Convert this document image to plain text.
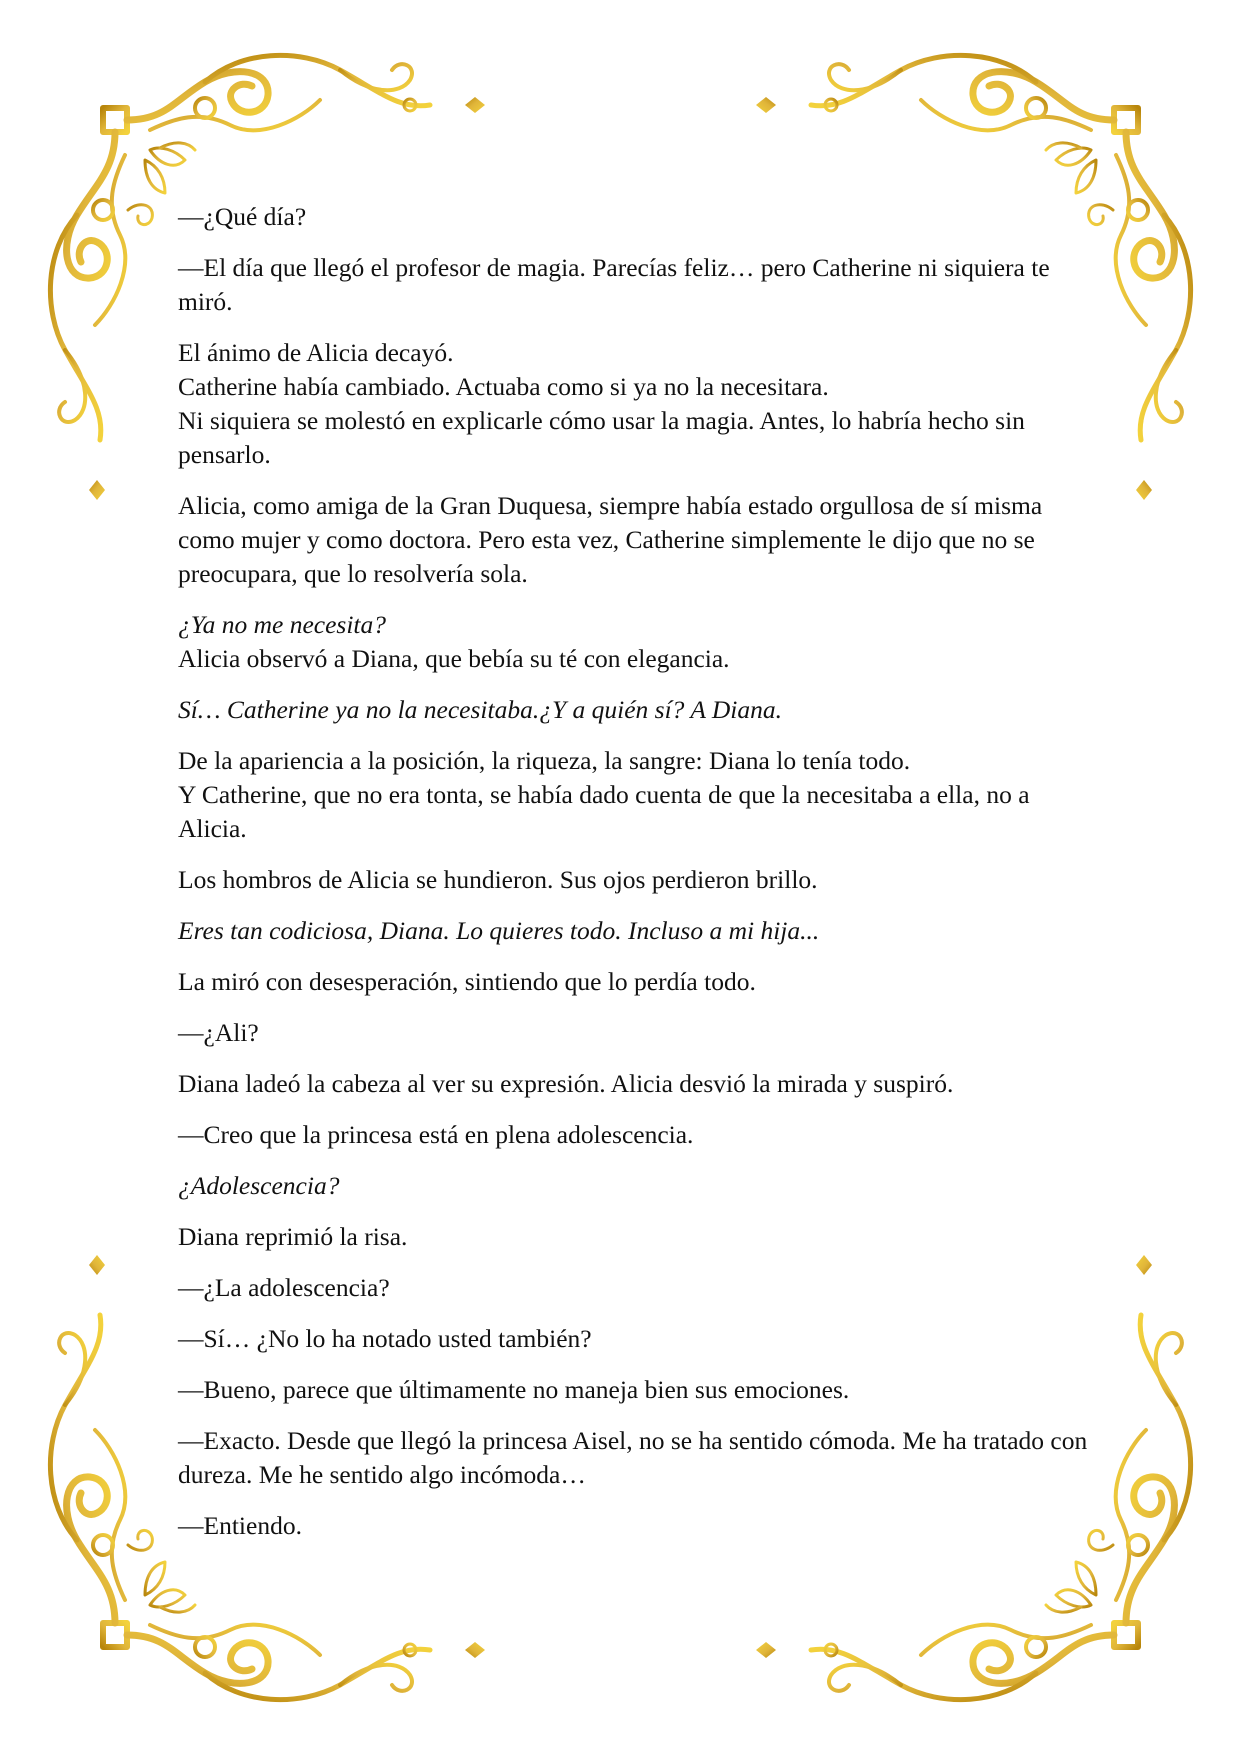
—¿Qué día?

—El día que llegó el profesor de magia. Parecías feliz… pero Catherine ni siquiera te miró.

El ánimo de Alicia decayó.
Catherine había cambiado. Actuaba como si ya no la necesitara.
Ni siquiera se molestó en explicarle cómo usar la magia. Antes, lo habría hecho sin pensarlo.

Alicia, como amiga de la Gran Duquesa, siempre había estado orgullosa de sí misma como mujer y como doctora. Pero esta vez, Catherine simplemente le dijo que no se preocupara, que lo resolvería sola.

¿Ya no me necesita?
Alicia observó a Diana, que bebía su té con elegancia.

Sí… Catherine ya no la necesitaba.¿Y a quién sí? A Diana.

De la apariencia a la posición, la riqueza, la sangre: Diana lo tenía todo.
Y Catherine, que no era tonta, se había dado cuenta de que la necesitaba a ella, no a Alicia.

Los hombros de Alicia se hundieron. Sus ojos perdieron brillo.

Eres tan codiciosa, Diana. Lo quieres todo. Incluso a mi hija...

La miró con desesperación, sintiendo que lo perdía todo.

—¿Ali?

Diana ladeó la cabeza al ver su expresión. Alicia desvió la mirada y suspiró.

—Creo que la princesa está en plena adolescencia.

¿Adolescencia?

Diana reprimió la risa.

—¿La adolescencia?

—Sí… ¿No lo ha notado usted también?

—Bueno, parece que últimamente no maneja bien sus emociones.

—Exacto. Desde que llegó la princesa Aisel, no se ha sentido cómoda. Me ha tratado con dureza. Me he sentido algo incómoda…

—Entiendo.
